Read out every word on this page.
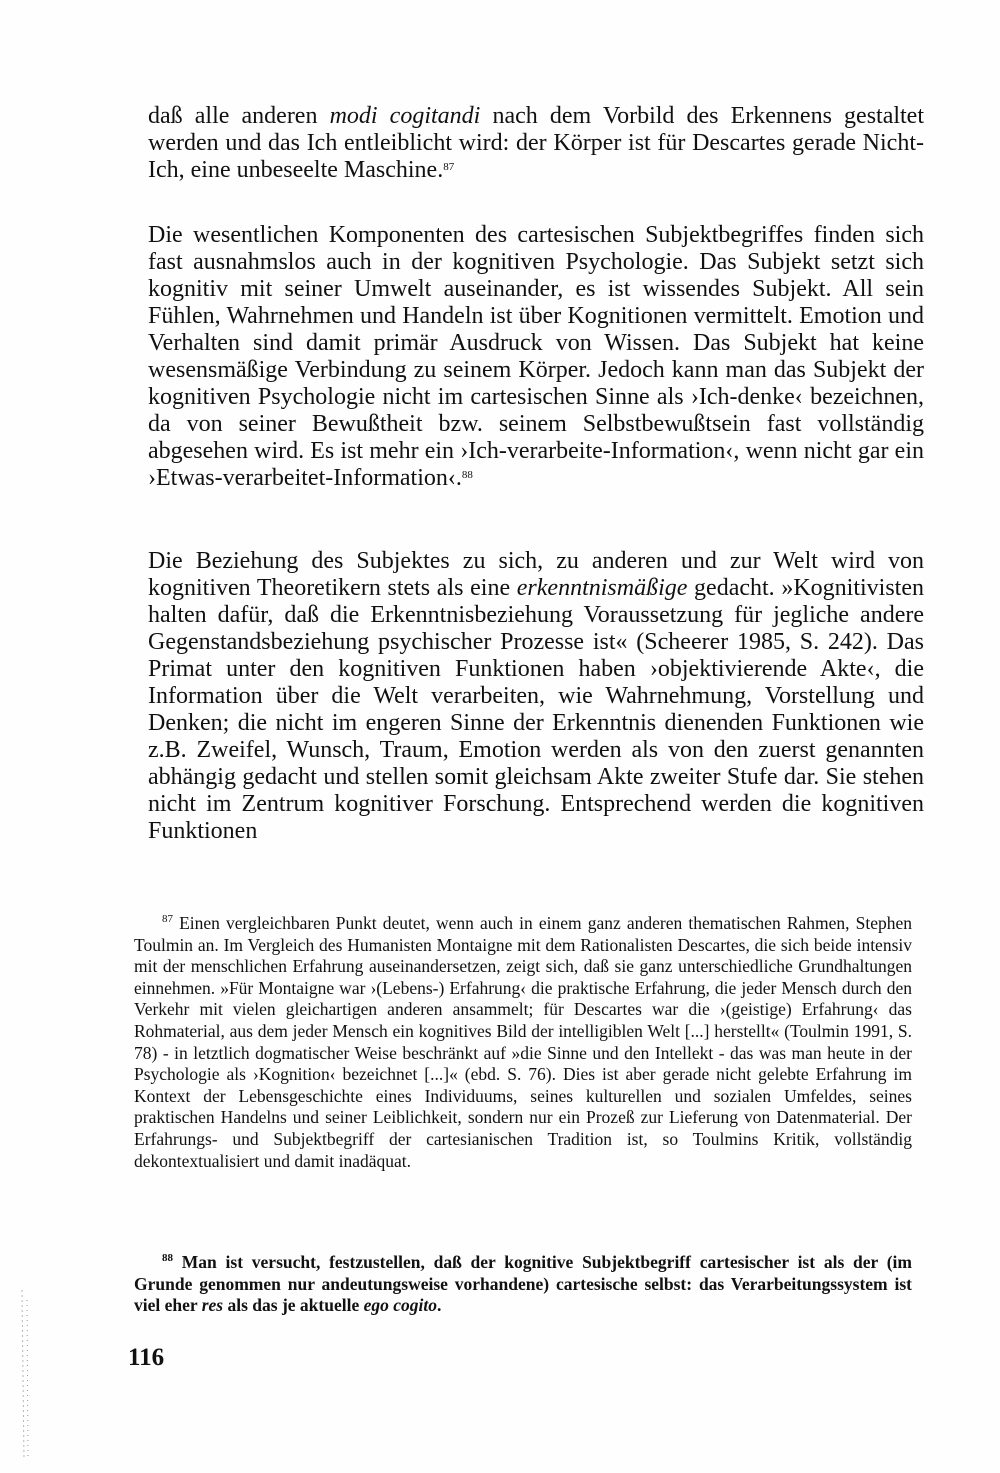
daß alle anderen modi cogitandi nach dem Vorbild des Erkennens gestaltet werden und das Ich entleiblicht wird: der Körper ist für Descartes gerade Nicht-Ich, eine unbeseelte Maschine.$^{87}$

Die wesentlichen Komponenten des cartesischen Subjektbegriffes finden sich fast ausnahmslos auch in der kognitiven Psychologie. Das Subjekt setzt sich kognitiv mit seiner Umwelt auseinander, es ist wissendes Subjekt. All sein Fühlen, Wahrnehmen und Handeln ist über Kognitionen vermittelt. Emotion und Verhalten sind damit primär Ausdruck von Wissen. Das Subjekt hat keine wesensmäßige Verbindung zu seinem Körper. Jedoch kann man das Subjekt der kognitiven Psychologie nicht im cartesischen Sinne als ›Ich-denke‹ bezeichnen, da von seiner Bewußtheit bzw. seinem Selbstbewußtsein fast vollständig abgesehen wird. Es ist mehr ein ›Ich-verarbeite-Information‹, wenn nicht gar ein ›Etwas-verarbeitet-Information‹.$^{88}$

Die Beziehung des Subjektes zu sich, zu anderen und zur Welt wird von kognitiven Theoretikern stets als eine erkenntnismäßige gedacht. »Kognitivisten halten dafür, daß die Erkenntnisbeziehung Voraussetzung für jegliche andere Gegenstandsbeziehung psychischer Prozesse ist« (Scheerer 1985, S. 242). Das Primat unter den kognitiven Funktionen haben ›objektivierende Akte‹, die Information über die Welt verarbeiten, wie Wahrnehmung, Vorstellung und Denken; die nicht im engeren Sinne der Erkenntnis dienenden Funktionen wie z.B. Zweifel, Wunsch, Traum, Emotion werden als von den zuerst genannten abhängig gedacht und stellen somit gleichsam Akte zweiter Stufe dar. Sie stehen nicht im Zentrum kognitiver Forschung. Entsprechend werden die kognitiven Funktionen

$^{87}$ Einen vergleichbaren Punkt deutet, wenn auch in einem ganz anderen thematischen Rahmen, Stephen Toulmin an. Im Vergleich des Humanisten Montaigne mit dem Rationalisten Descartes, die sich beide intensiv mit der menschlichen Erfahrung auseinandersetzen, zeigt sich, daß sie ganz unterschiedliche Grundhaltungen einnehmen. »Für Montaigne war ›(Lebens-) Erfahrung‹ die praktische Erfahrung, die jeder Mensch durch den Verkehr mit vielen gleichartigen anderen ansammelt; für Descartes war die ›(geistige) Erfahrung‹ das Rohmaterial, aus dem jeder Mensch ein kognitives Bild der intelligiblen Welt [...] herstellt« (Toulmin 1991, S. 78) - in letztlich dogmatischer Weise beschränkt auf »die Sinne und den Intellekt - das was man heute in der Psychologie als ›Kognition‹ bezeichnet [...]« (ebd. S. 76). Dies ist aber gerade nicht gelebte Erfahrung im Kontext der Lebensgeschichte eines Individuums, seines kulturellen und sozialen Umfeldes, seines praktischen Handelns und seiner Leiblichkeit, sondern nur ein Prozeß zur Lieferung von Datenmaterial. Der Erfahrungs- und Subjektbegriff der cartesianischen Tradition ist, so Toulmins Kritik, vollständig dekontextualisiert und damit inadäquat.

$^{88}$ Man ist versucht, festzustellen, daß der kognitive Subjektbegriff cartesischer ist als der (im Grunde genommen nur andeutungsweise vorhandene) cartesische selbst: das Verarbeitungssystem ist viel eher res als das je aktuelle ego cogito.

116
